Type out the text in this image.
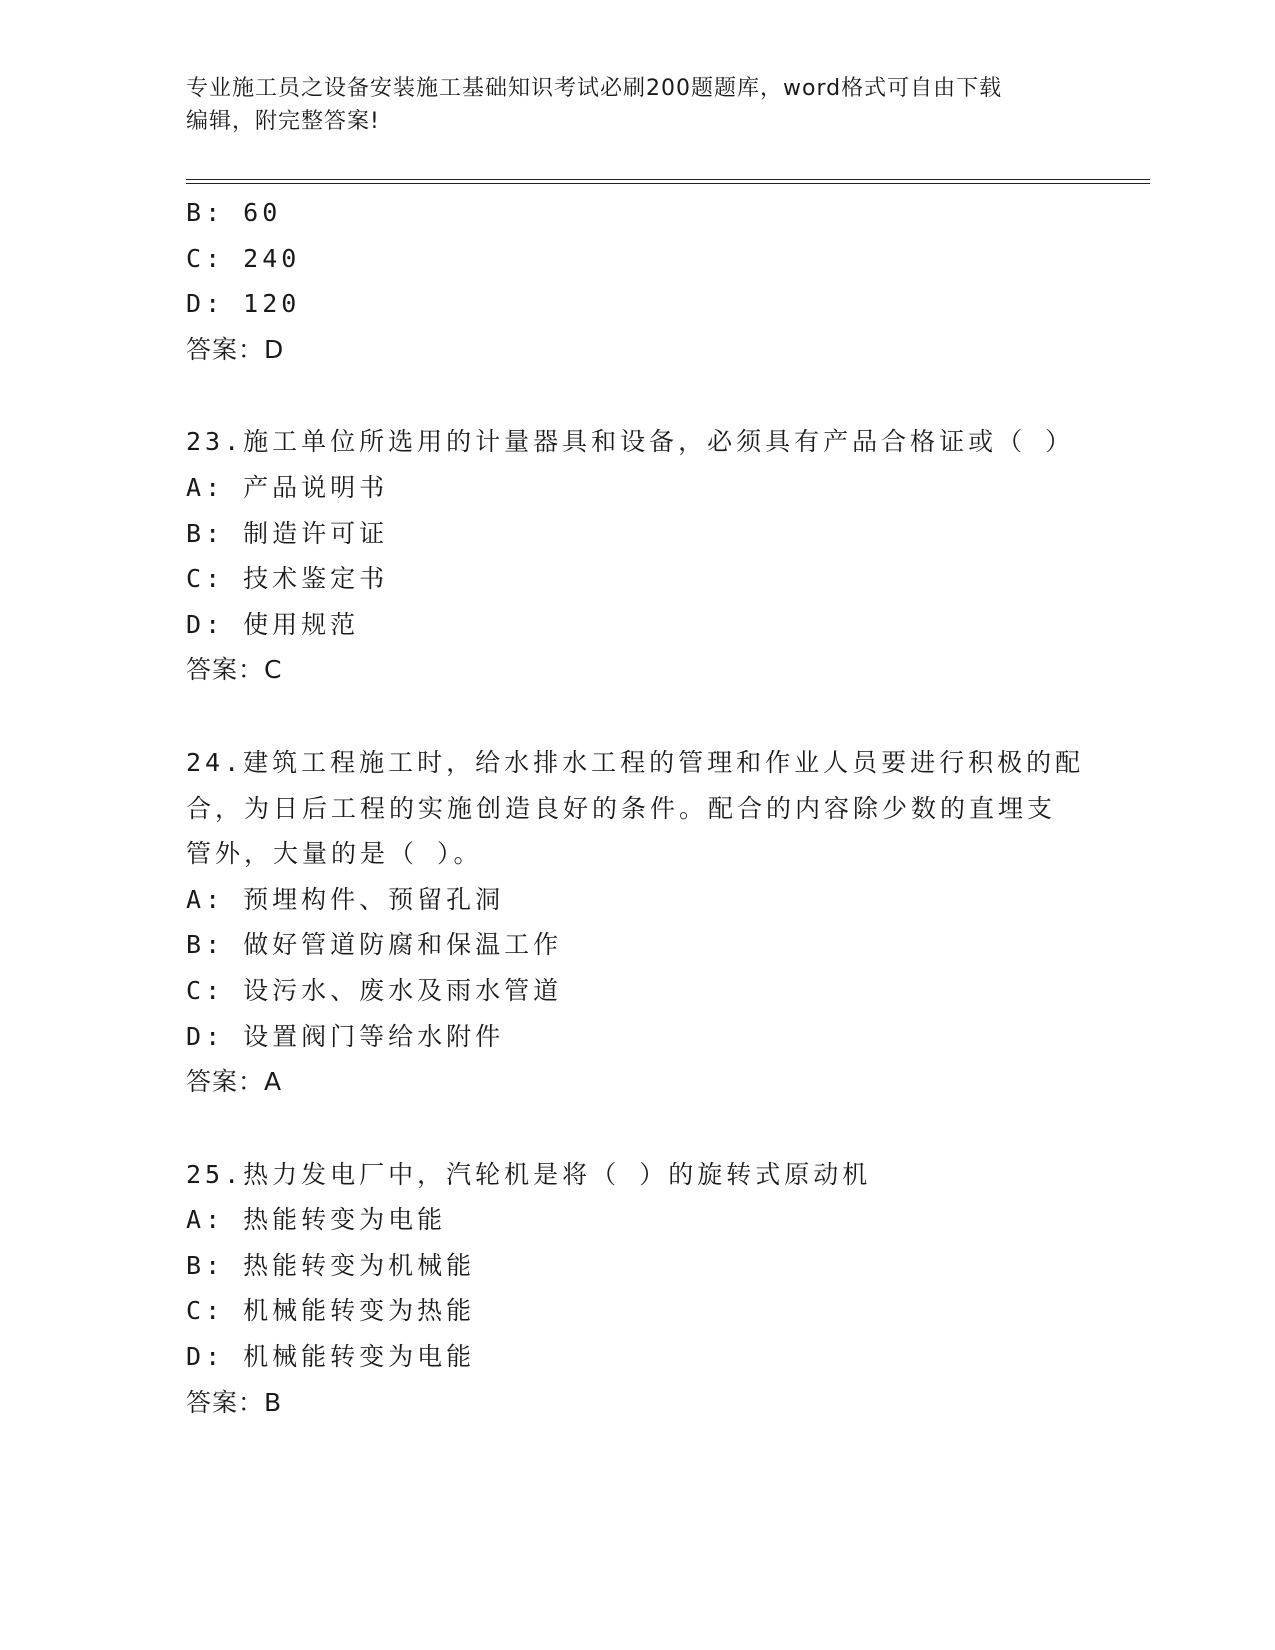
专业施工员之设备安装施工基础知识考试必刷200题题库，word格式可自由下载
编辑，附完整答案!
B: 60
C: 240
D: 120
答案：D
23.施工单位所选用的计量器具和设备，必须具有产品合格证或（ ）
A: 产品说明书
B: 制造许可证
C: 技术鉴定书
D: 使用规范
答案：C
24.建筑工程施工时，给水排水工程的管理和作业人员要进行积极的配
合，为日后工程的实施创造良好的条件。配合的内容除少数的直埋支
管外，大量的是（ ）。
A: 预埋构件、预留孔洞
B: 做好管道防腐和保温工作
C: 设污水、废水及雨水管道
D: 设置阀门等给水附件
答案：A
25.热力发电厂中，汽轮机是将（ ）的旋转式原动机
A: 热能转变为电能
B: 热能转变为机械能
C: 机械能转变为热能
D: 机械能转变为电能
答案：B
